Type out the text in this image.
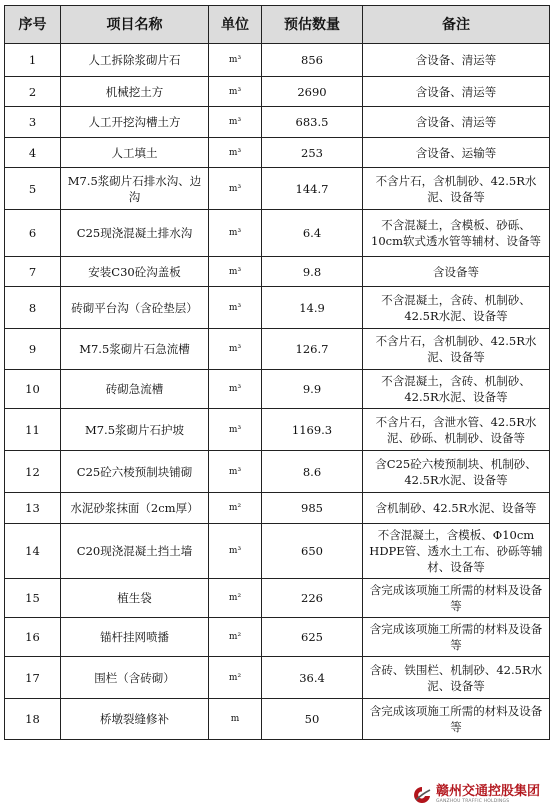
序号	项目名称	单位	预估数量	备注
1	人工拆除浆砌片石	m³	856	含设备、清运等
2	机械挖土方	m³	2690	含设备、清运等
3	人工开挖沟槽土方	m³	683.5	含设备、清运等
4	人工填土	m³	253	含设备、运输等
5	M7.5浆砌片石排水沟、边沟	m³	144.7	不含片石，含机制砂、42.5R水泥、设备等
6	C25现浇混凝土排水沟	m³	6.4	不含混凝土，含模板、砂砾、10cm软式透水管等辅材、设备等
7	安装C30砼沟盖板	m³	9.8	含设备等
8	砖砌平台沟（含砼垫层）	m³	14.9	不含混凝土，含砖、机制砂、42.5R水泥、设备等
9	M7.5浆砌片石急流槽	m³	126.7	不含片石，含机制砂、42.5R水泥、设备等
10	砖砌急流槽	m³	9.9	不含混凝土，含砖、机制砂、42.5R水泥、设备等
11	M7.5浆砌片石护坡	m³	1169.3	不含片石，含泄水管、42.5R水泥、砂砾、机制砂、设备等
12	C25砼六棱预制块铺砌	m³	8.6	含C25砼六棱预制块、机制砂、42.5R水泥、设备等
13	水泥砂浆抹面（2cm厚）	m²	985	含机制砂、42.5R水泥、设备等
14	C20现浇混凝土挡土墙	m³	650	不含混凝土，含模板、Φ10cm HDPE管、透水土工布、砂砾等辅材、设备等
15	植生袋	m²	226	含完成该项施工所需的材料及设备等
16	锚杆挂网喷播	m²	625	含完成该项施工所需的材料及设备等
17	围栏（含砖砌）	m²	36.4	含砖、铁围栏、机制砂、42.5R水泥、设备等
18	桥墩裂缝修补	m	50	含完成该项施工所需的材料及设备等
赣州交通控股集团
GANZHOU TRAFFIC HOLDINGS
